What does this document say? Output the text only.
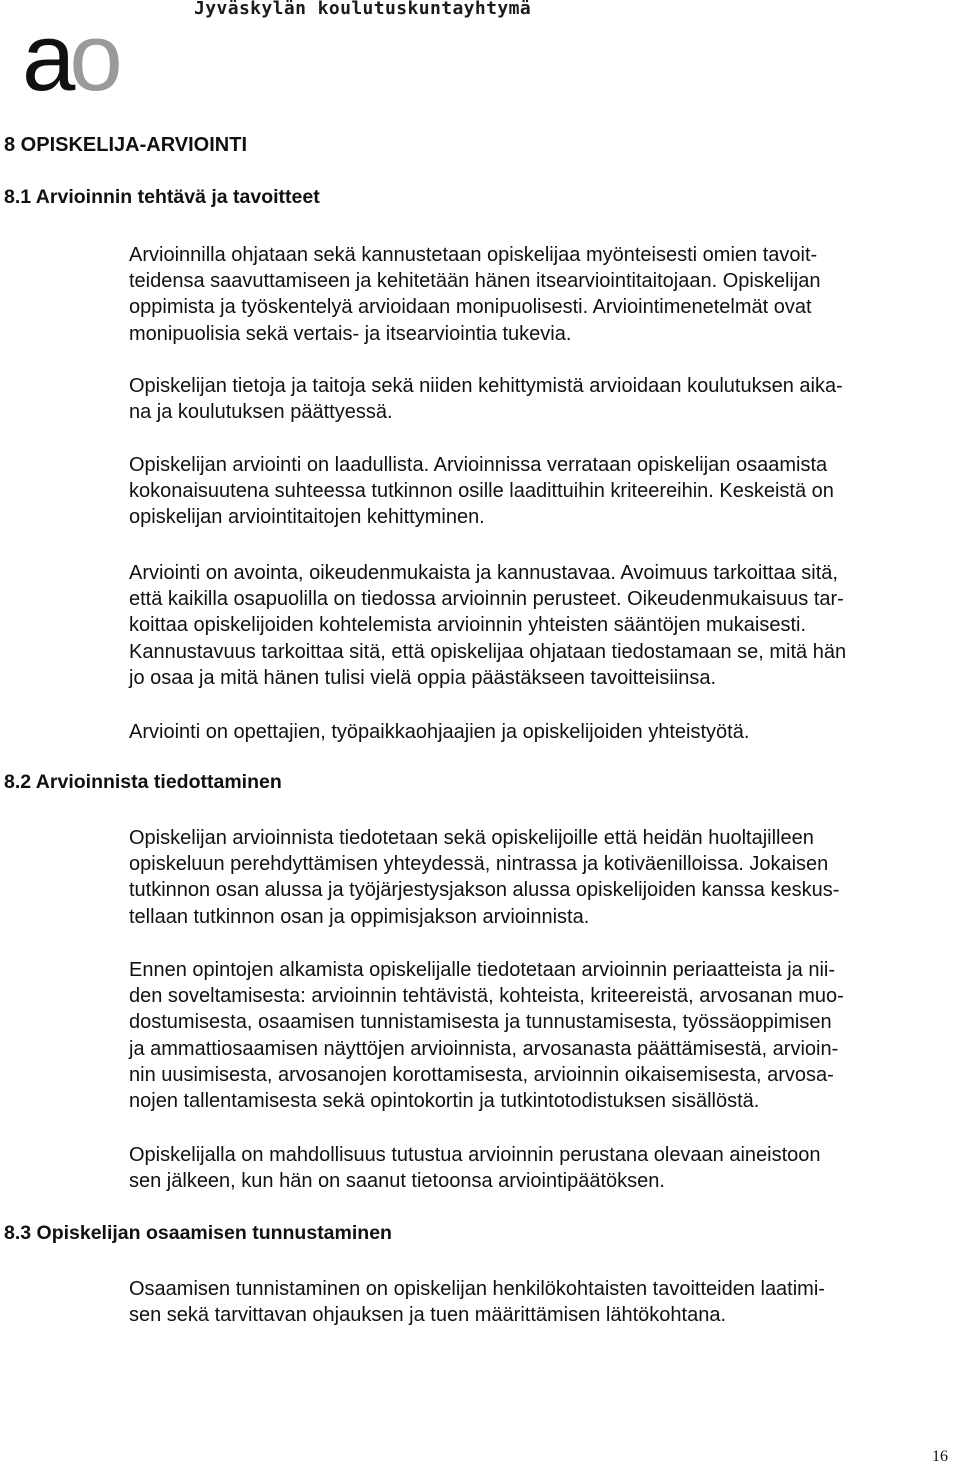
Jyväskylän koulutuskuntayhtymä
ao
8 OPISKELIJA-ARVIOINTI
8.1 Arvioinnin tehtävä ja tavoitteet

Arvioinnilla ohjataan sekä kannustetaan opiskelijaa myönteisesti omien tavoit-
teidensa saavuttamiseen ja kehitetään hänen itsearviointitaitojaan. Opiskelijan
oppimista ja työskentelyä arvioidaan monipuolisesti. Arviointimenetelmät ovat
monipuolisia sekä vertais- ja itsearviointia tukevia.

Opiskelijan tietoja ja taitoja sekä niiden kehittymistä arvioidaan koulutuksen aika-
na ja koulutuksen päättyessä.

Opiskelijan arviointi on laadullista. Arvioinnissa verrataan opiskelijan osaamista
kokonaisuutena suhteessa tutkinnon osille laadittuihin kriteereihin. Keskeistä on
opiskelijan arviointitaitojen kehittyminen.

Arviointi on avointa, oikeudenmukaista ja kannustavaa. Avoimuus tarkoittaa sitä,
että kaikilla osapuolilla on tiedossa arvioinnin perusteet. Oikeudenmukaisuus tar-
koittaa opiskelijoiden kohtelemista arvioinnin yhteisten sääntöjen mukaisesti.
Kannustavuus tarkoittaa sitä, että opiskelijaa ohjataan tiedostamaan se, mitä hän
jo osaa ja mitä hänen tulisi vielä oppia päästäkseen tavoitteisiinsa.

Arviointi on opettajien, työpaikkaohjaajien ja opiskelijoiden yhteistyötä.

8.2 Arvioinnista tiedottaminen

Opiskelijan arvioinnista tiedotetaan sekä opiskelijoille että heidän huoltajilleen
opiskeluun perehdyttämisen yhteydessä, nintrassa ja kotiväenilloissa. Jokaisen
tutkinnon osan alussa ja työjärjestysjakson alussa opiskelijoiden kanssa keskus-
tellaan tutkinnon osan ja oppimisjakson arvioinnista.

Ennen opintojen alkamista opiskelijalle tiedotetaan arvioinnin periaatteista ja nii-
den soveltamisesta: arvioinnin tehtävistä, kohteista, kriteereistä, arvosanan muo-
dostumisesta, osaamisen tunnistamisesta ja tunnustamisesta, työssäoppimisen
ja ammattiosaamisen näyttöjen arvioinnista, arvosanasta päättämisestä, arvioin-
nin uusimisesta, arvosanojen korottamisesta, arvioinnin oikaisemisesta, arvosa-
nojen tallentamisesta sekä opintokortin ja tutkintotodistuksen sisällöstä.

Opiskelijalla on mahdollisuus tutustua arvioinnin perustana olevaan aineistoon
sen jälkeen, kun hän on saanut tietoonsa arviointipäätöksen.

8.3 Opiskelijan osaamisen tunnustaminen

Osaamisen tunnistaminen on opiskelijan henkilökohtaisten tavoitteiden laatimi-
sen sekä tarvittavan ohjauksen ja tuen määrittämisen lähtökohtana.

16
